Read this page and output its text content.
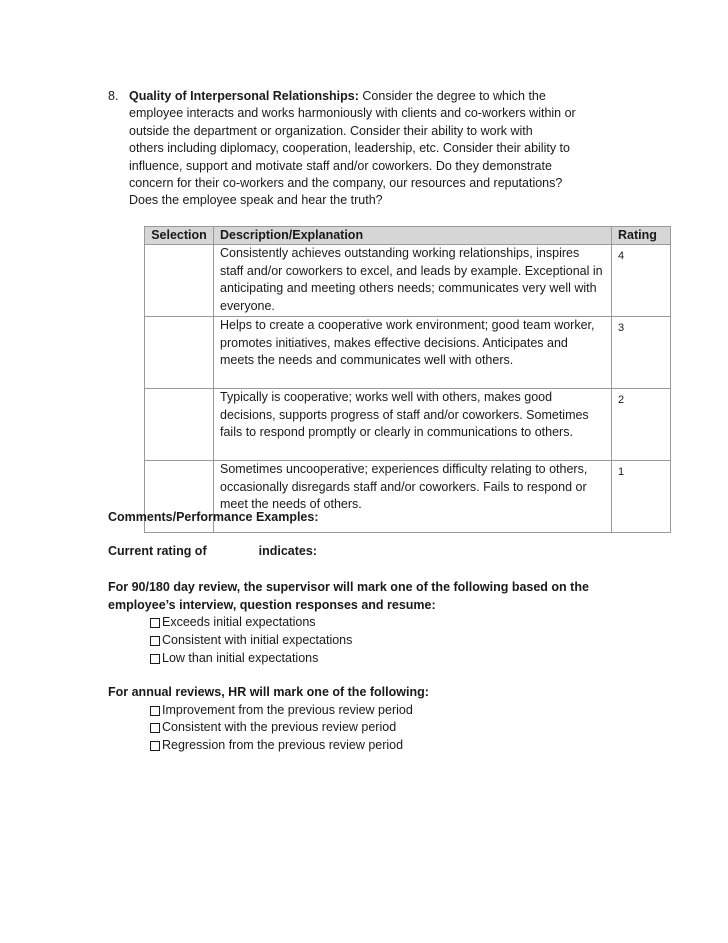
8. Quality of Interpersonal Relationships: Consider the degree to which the
employee interacts and works harmoniously with clients and co-workers within or
outside the department or organization. Consider their ability to work with
others including diplomacy, cooperation, leadership, etc. Consider their ability to
influence, support and motivate staff and/or coworkers. Do they demonstrate
concern for their co-workers and the company, our resources and reputations?
Does the employee speak and hear the truth?
Selection	Description/Explanation	Rating
	Consistently achieves outstanding working relationships, inspires staff and/or coworkers to excel, and leads by example. Exceptional in anticipating and meeting others needs; communicates very well with everyone.	4
	Helps to create a cooperative work environment; good team worker, promotes initiatives, makes effective decisions. Anticipates and meets the needs and communicates well with others.	3
	Typically is cooperative; works well with others, makes good decisions, supports progress of staff and/or coworkers. Sometimes fails to respond promptly or clearly in communications to others.	2
	Sometimes uncooperative; experiences difficulty relating to others, occasionally disregards staff and/or coworkers. Fails to respond or meet the needs of others.	1
Comments/Performance Examples:
Current rating of	indicates:
For 90/180 day review, the supervisor will mark one of the following based on the
employee’s interview, question responses and resume:
Exceeds initial expectations
Consistent with initial expectations
Low than initial expectations
For annual reviews, HR will mark one of the following:
Improvement from the previous review period
Consistent with the previous review period
Regression from the previous review period
